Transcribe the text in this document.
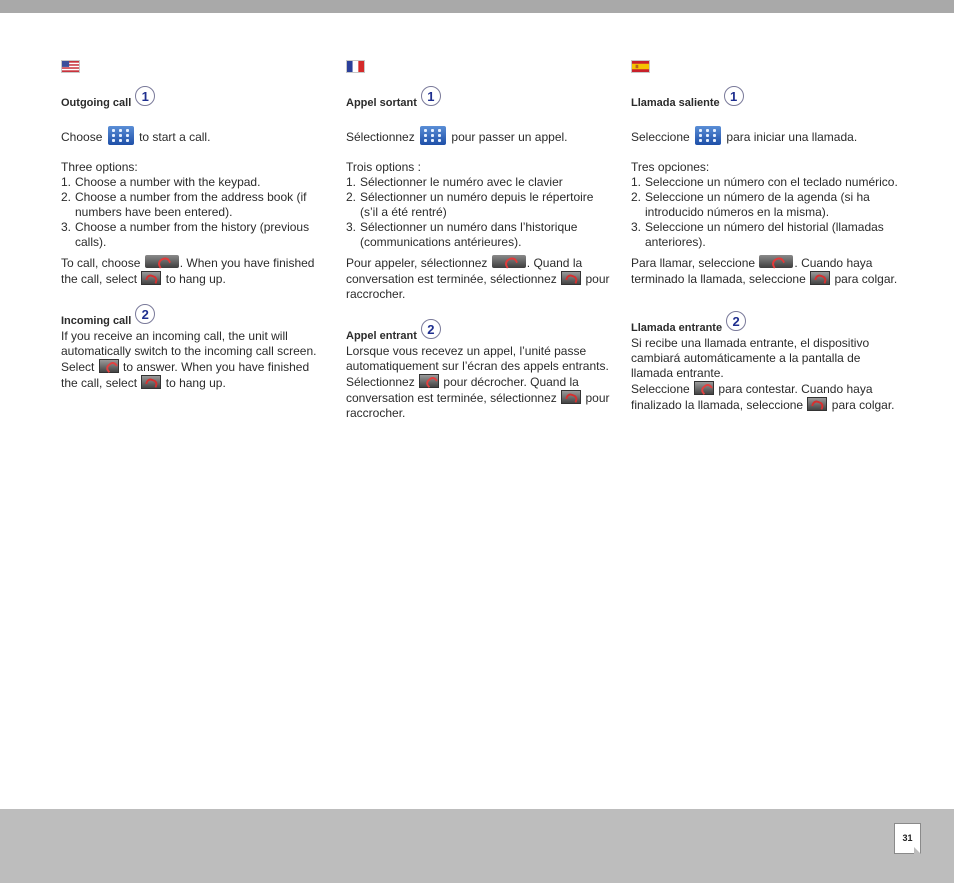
Outgoing call 1

Choose	to start a call.

Three options:

1. Choose a number with the keypad.
2. Choose a number from the address book (if numbers have been entered).
3. Choose a number from the history (previous calls).

To call, choose	. When you have finished the call, select to hang up.

Incoming call 2

If you receive an incoming call, the unit will automatically switch to the incoming call screen.

Select to answer. When you have finished the call, select to hang up.

Appel sortant 1

Sélectionnez	pour passer un appel.

Trois options :

1. Sélectionner le numéro avec le clavier
2. Sélectionner un numéro depuis le répertoire (s’il a été rentré)
3. Sélectionner un numéro dans l’historique (communications antérieures).

Pour appeler, sélectionnez	. Quand la conversation est terminée, sélectionnez pour raccrocher.

Appel entrant 2

Lorsque vous recevez un appel, l’unité passe automatiquement sur l’écran des appels entrants. Sélectionnez pour décrocher. Quand la conversation est terminée, sélectionnez pour raccrocher.

Llamada saliente 1

Seleccione	para iniciar una llamada.

Tres opciones:

1. Seleccione un número con el teclado numérico.
2. Seleccione un número de la agenda (si ha introducido números en la misma).
3. Seleccione un número del historial (llamadas anteriores).

Para llamar, seleccione	. Cuando haya terminado la llamada, seleccione para colgar.

Llamada entrante 2

Si recibe una llamada entrante, el dispositivo cambiará automáticamente a la pantalla de llamada entrante.

Seleccione para contestar. Cuando haya finalizado la llamada, seleccione para colgar.

31
